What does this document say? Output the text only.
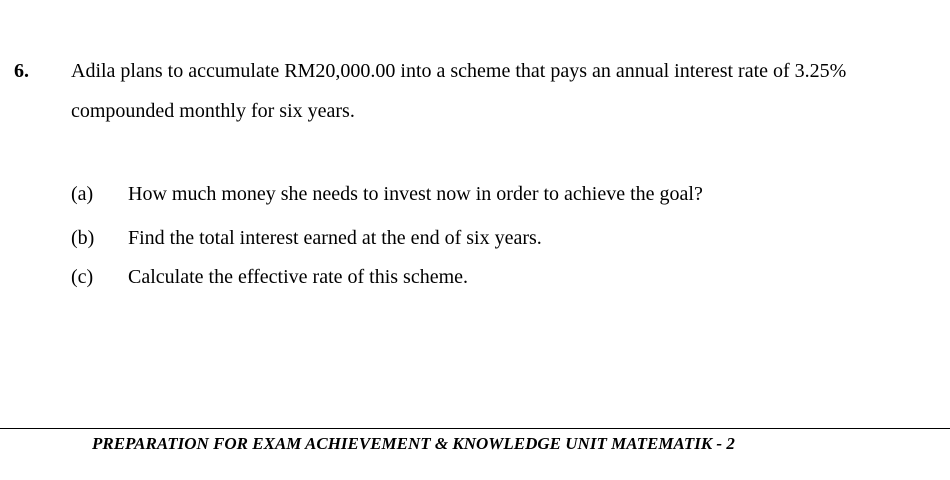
6. Adila plans to accumulate RM20,000.00 into a scheme that pays an annual interest rate of 3.25% compounded monthly for six years.
(a) How much money she needs to invest now in order to achieve the goal?
(b) Find the total interest earned at the end of six years.
(c) Calculate the effective rate of this scheme.
PREPARATION FOR EXAM ACHIEVEMENT & KNOWLEDGE UNIT MATEMATIK - 2
